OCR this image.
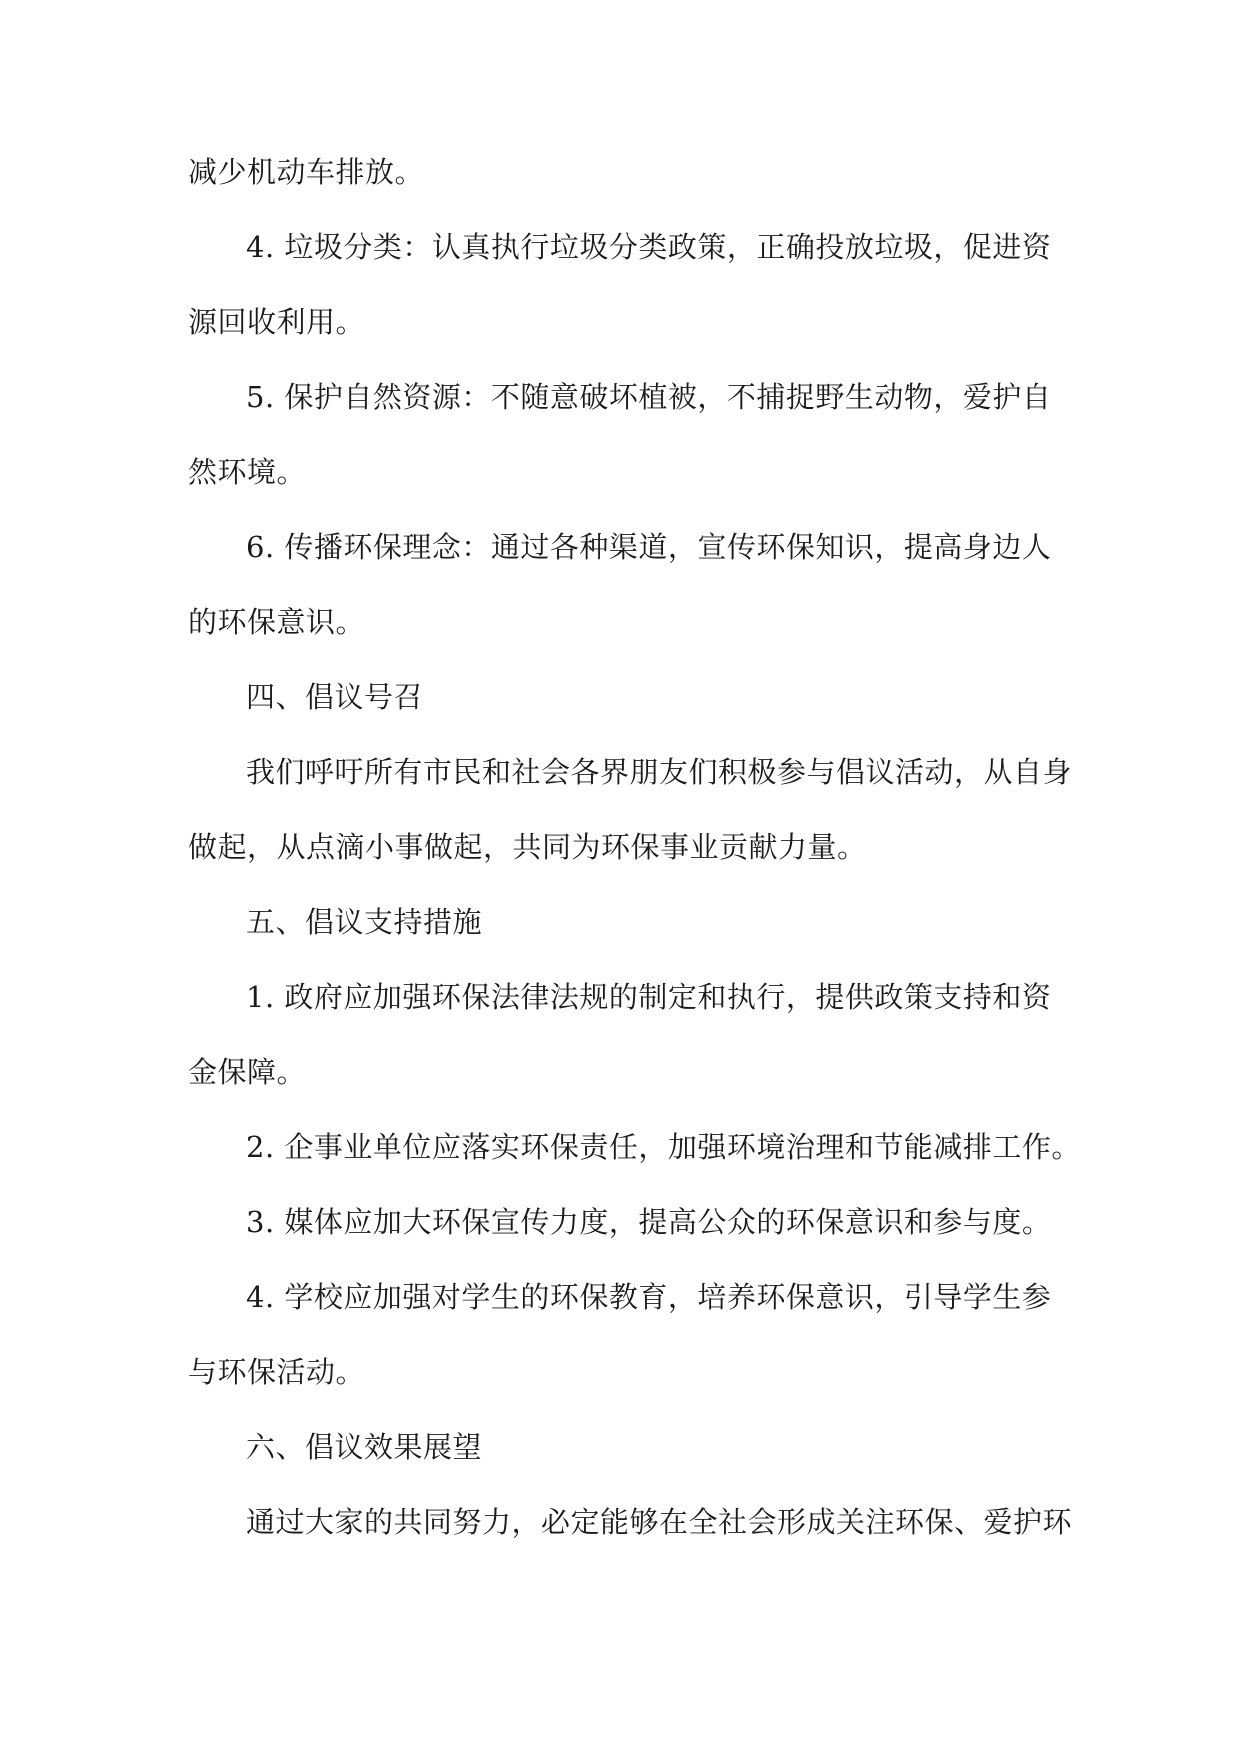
减少机动车排放。
4. 垃圾分类：认真执行垃圾分类政策，正确投放垃圾，促进资
源回收利用。
5. 保护自然资源：不随意破坏植被，不捕捉野生动物，爱护自
然环境。
6. 传播环保理念：通过各种渠道，宣传环保知识，提高身边人
的环保意识。
四、倡议号召
我们呼吁所有市民和社会各界朋友们积极参与倡议活动，从自身
做起，从点滴小事做起，共同为环保事业贡献力量。
五、倡议支持措施
1. 政府应加强环保法律法规的制定和执行，提供政策支持和资
金保障。
2. 企事业单位应落实环保责任，加强环境治理和节能减排工作。
3. 媒体应加大环保宣传力度，提高公众的环保意识和参与度。
4. 学校应加强对学生的环保教育，培养环保意识，引导学生参
与环保活动。
六、倡议效果展望
通过大家的共同努力，必定能够在全社会形成关注环保、爱护环
